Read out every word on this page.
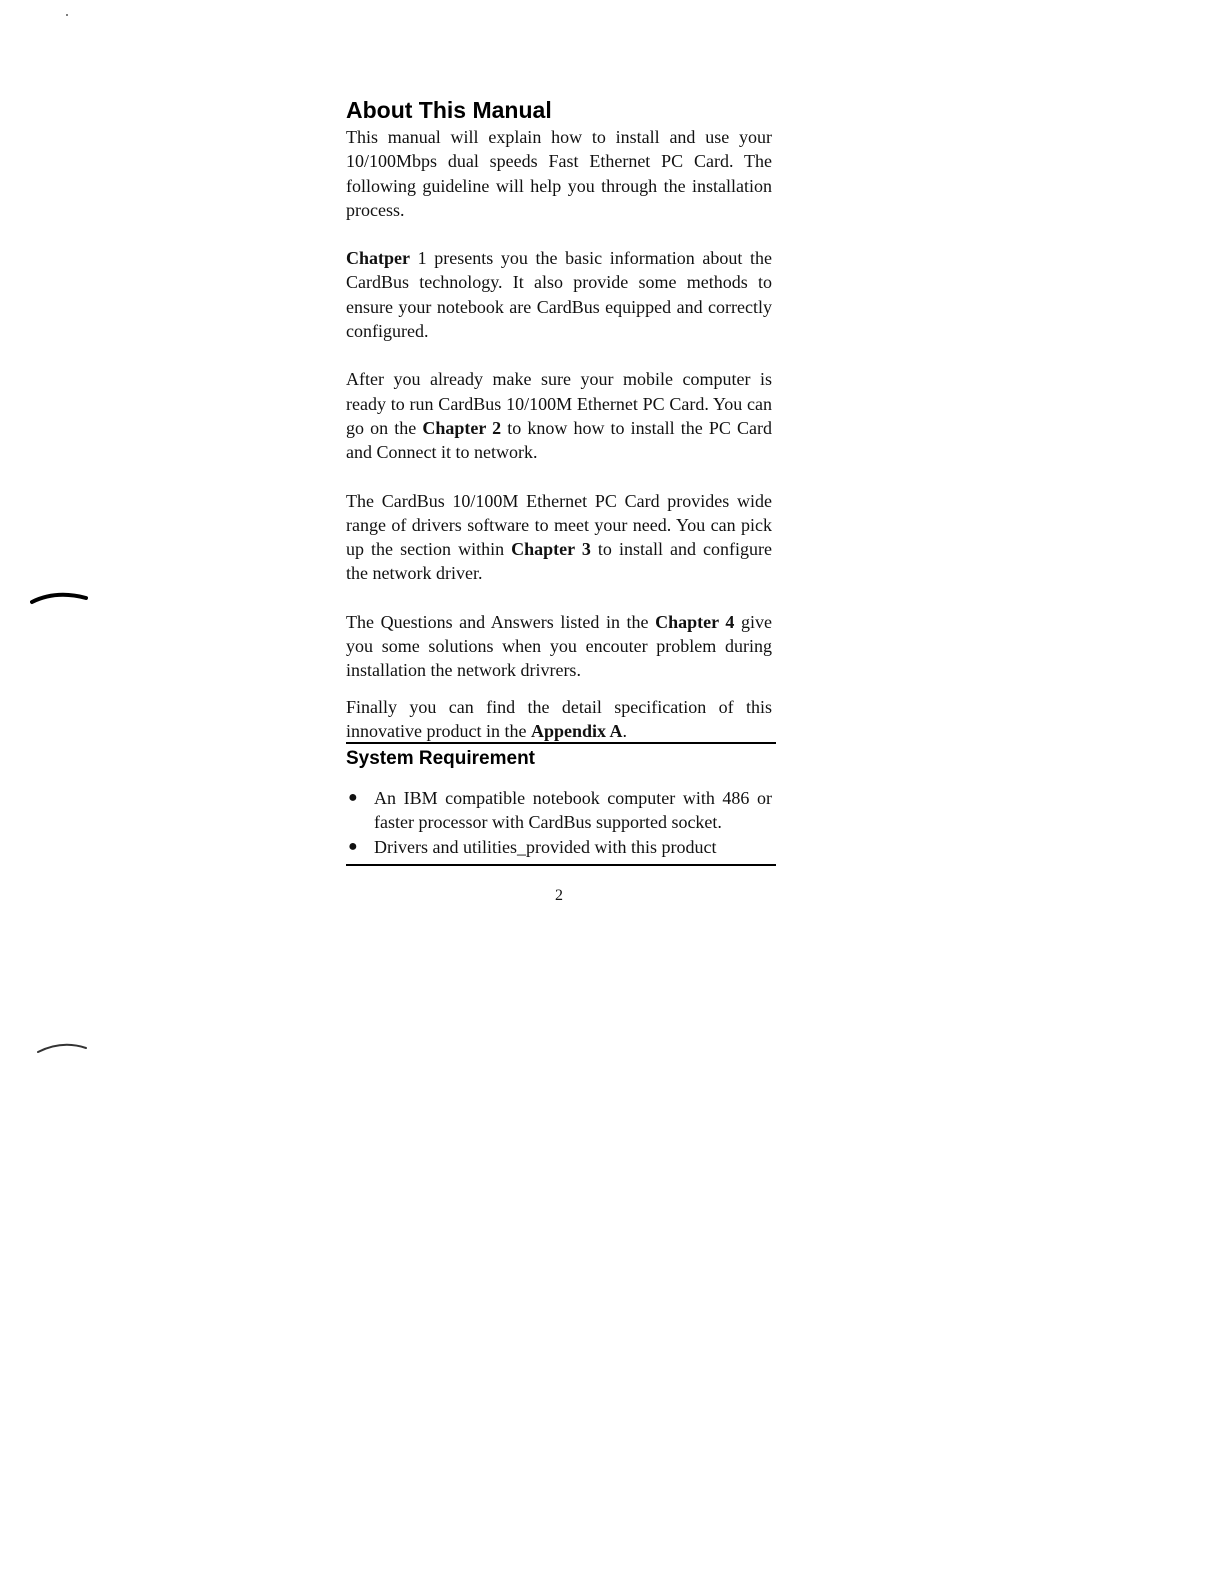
About This Manual

This manual will explain how to install and use your 10/100Mbps dual speeds Fast Ethernet PC Card. The following guideline will help you through the installation process.

Chatper 1 presents you the basic information about the CardBus technology. It also provide some methods to ensure your notebook are CardBus equipped and correctly configured.

After you already make sure your mobile computer is ready to run CardBus 10/100M Ethernet PC Card. You can go on the Chapter 2 to know how to install the PC Card and Connect it to network.

The CardBus 10/100M Ethernet PC Card provides wide range of drivers software to meet your need. You can pick up the section within Chapter 3 to install and configure the network driver.

The Questions and Answers listed in the Chapter 4 give you some solutions when you encouter problem during installation the network drivrers.

Finally you can find the detail specification of this innovative product in the Appendix A.

System Requirement
● An IBM compatible notebook computer with 486 or faster processor with CardBus supported socket.
● Drivers and utilities_provided with this product
2
